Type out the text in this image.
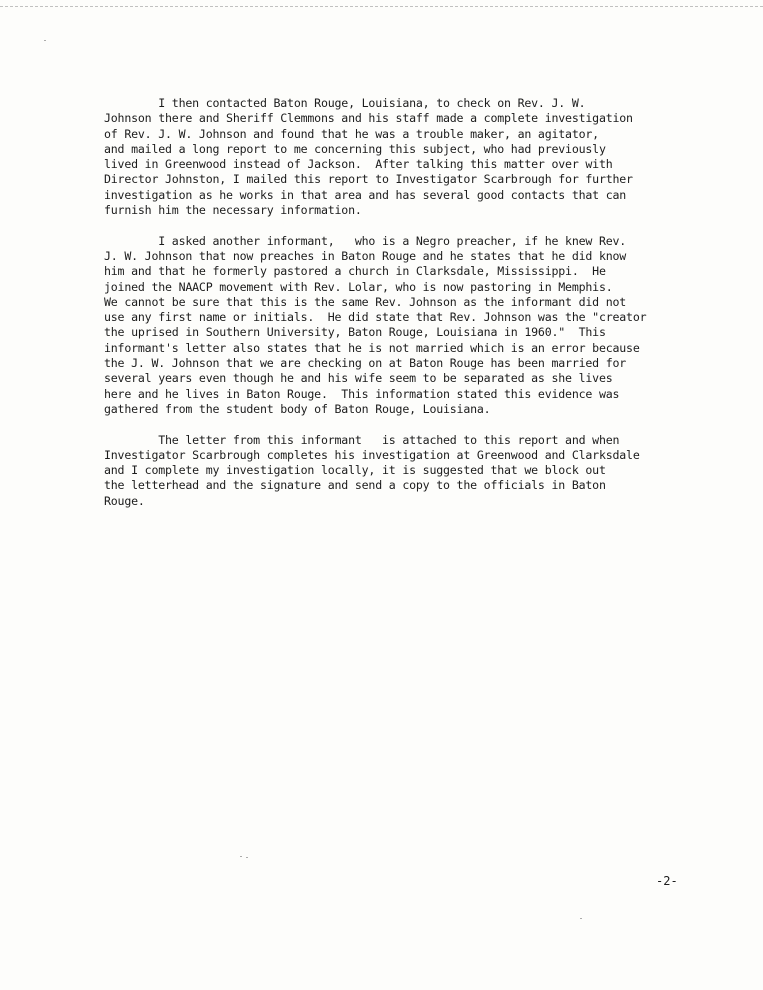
I then contacted Baton Rouge, Louisiana, to check on Rev. J. W.
Johnson there and Sheriff Clemmons and his staff made a complete investigation
of Rev. J. W. Johnson and found that he was a trouble maker, an agitator,
and mailed a long report to me concerning this subject, who had previously
lived in Greenwood instead of Jackson.  After talking this matter over with
Director Johnston, I mailed this report to Investigator Scarbrough for further
investigation as he works in that area and has several good contacts that can
furnish him the necessary information.

I asked another informant,   who is a Negro preacher, if he knew Rev.
J. W. Johnson that now preaches in Baton Rouge and he states that he did know
him and that he formerly pastored a church in Clarksdale, Mississippi.  He
joined the NAACP movement with Rev. Lolar, who is now pastoring in Memphis.
We cannot be sure that this is the same Rev. Johnson as the informant did not
use any first name or initials.  He did state that Rev. Johnson was the "creator
the uprised in Southern University, Baton Rouge, Louisiana in 1960."  This
informant's letter also states that he is not married which is an error because
the J. W. Johnson that we are checking on at Baton Rouge has been married for
several years even though he and his wife seem to be separated as she lives
here and he lives in Baton Rouge.  This information stated this evidence was
gathered from the student body of Baton Rouge, Louisiana.

The letter from this informant   is attached to this report and when
Investigator Scarbrough completes his investigation at Greenwood and Clarksdale
and I complete my investigation locally, it is suggested that we block out
the letterhead and the signature and send a copy to the officials in Baton
Rouge.

-2-
